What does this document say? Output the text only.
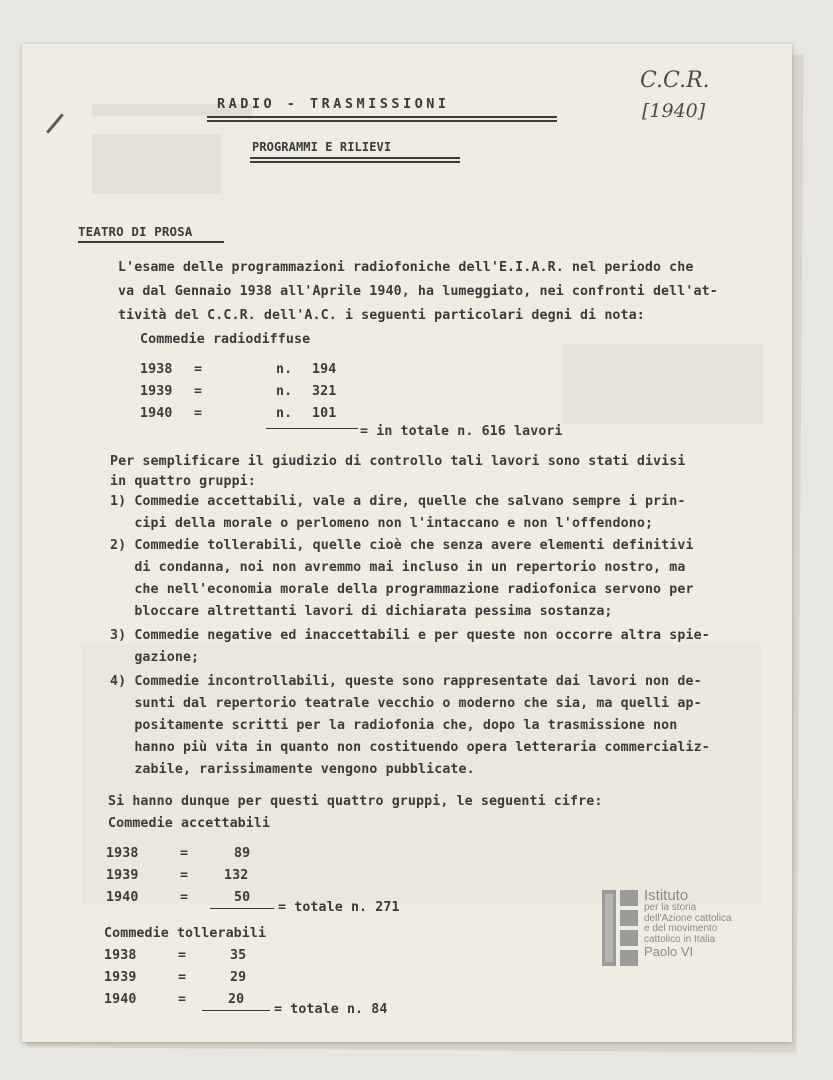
C.C.R.
[1940]
RADIO - TRASMISSIONI
PROGRAMMI E RILIEVI
TEATRO DI PROSA
L'esame delle programmazioni radiofoniche dell'E.I.A.R. nel periodo che
va dal Gennaio 1938 all'Aprile 1940, ha lumeggiato, nei confronti dell'at-
tività del C.C.R. dell'A.C. i seguenti particolari degni di nota:
Commedie radiodiffuse
1938 =	n. 194
1939 =	n. 321
1940 =	n. 101
= in totale n. 616 lavori
Per semplificare il giudizio di controllo tali lavori sono stati divisi
in quattro gruppi:
1) Commedie accettabili, vale a dire, quelle che salvano sempre i prin-
cipi della morale o perlomeno non l'intaccano e non l'offendono;
2) Commedie tollerabili, quelle cioè che senza avere elementi definitivi
di condanna, noi non avremmo mai incluso in un repertorio nostro, ma
che nell'economia morale della programmazione radiofonica servono per
bloccare altrettanti lavori di dichiarata pessima sostanza;
3) Commedie negative ed inaccettabili e per queste non occorre altra spie-
gazione;
4) Commedie incontrollabili, queste sono rappresentate dai lavori non de-
sunti dal repertorio teatrale vecchio o moderno che sia, ma quelli ap-
positamente scritti per la radiofonia che, dopo la trasmissione non
hanno più vita in quanto non costituendo opera letteraria commercializ-
zabile, rarissimamente vengono pubblicate.
Si hanno dunque per questi quattro gruppi, le seguenti cifre:
Commedie accettabili
1938	=	89
1939	=	132
1940	=	50
= totale n. 271
Commedie tollerabili
1938	=	35
1939	=	29
1940	=	20
= totale n. 84
Istituto
per la storia
dell'Azione cattolica
e del movimento
cattolico in Italia
Paolo VI
